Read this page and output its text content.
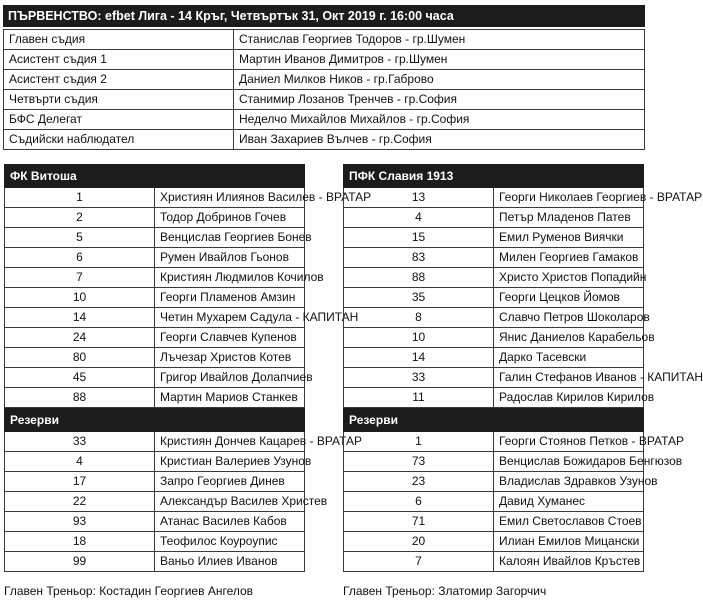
ПЪРВЕНСТВО: efbet Лига - 14 Кръг, Четвъртък 31, Окт 2019 г. 16:00 часа
Главен съдия	Станислав Георгиев Тодоров - гр.Шумен
Асистент съдия 1	Мартин Иванов Димитров - гр.Шумен
Асистент съдия 2	Даниел Милков Ников - гр.Габрово
Четвърти съдия	Станимир Лозанов Тренчев - гр.София
БФС Делегат	Неделчо Михайлов Михайлов - гр.София
Съдийски наблюдател	Иван Захариев Вълчев - гр.София
ФК Витоша	
1	Християн Илиянов Василев - ВРАТАР
2	Тодор Добринов Гочев
5	Венцислав Георгиев Бонев
6	Румен Ивайлов Гьонов
7	Кристиян Людмилов Кочилов
10	Георги Пламенов Амзин
14	Четин Мухарем Садула - КАПИТАН
24	Георги Славчев Купенов
80	Лъчезар Христов Котев
45	Григор Ивайлов Долапчиев
88	Мартин Мариов Станкев
Резерви	
33	Кристиян Дончев Кацарев - ВРАТАР
4	Кристиан Валериев Узунов
17	Запро Георгиев Динев
22	Александър Василев Христев
93	Атанас Василев Кабов
18	Теофилос Коуроупис
99	Ваньо Илиев Иванов
ПФК Славия 1913	
13	Георги Николаев Георгиев - ВРАТАР
4	Петър Младенов Патев
15	Емил Руменов Виячки
83	Милен Георгиев Гамаков
88	Христо Христов Попадийн
35	Георги Цецков Йомов
8	Славчо Петров Шоколаров
10	Янис Даниелов Карабельов
14	Дарко Тасевски
33	Галин Стефанов Иванов - КАПИТАН
11	Радослав Кирилов Кирилов
Резерви	
1	Георги Стоянов Петков - ВРАТАР
73	Венцислав Божидаров Бенгюзов
23	Владислав Здравков Узунов
6	Давид Хуманес
71	Емил Светославов Стоев
20	Илиан Емилов Мицански
7	Калоян Ивайлов Кръстев
Главен Треньор: Костадин Георгиев Ангелов	Главен Треньор: Златомир Загорчич
